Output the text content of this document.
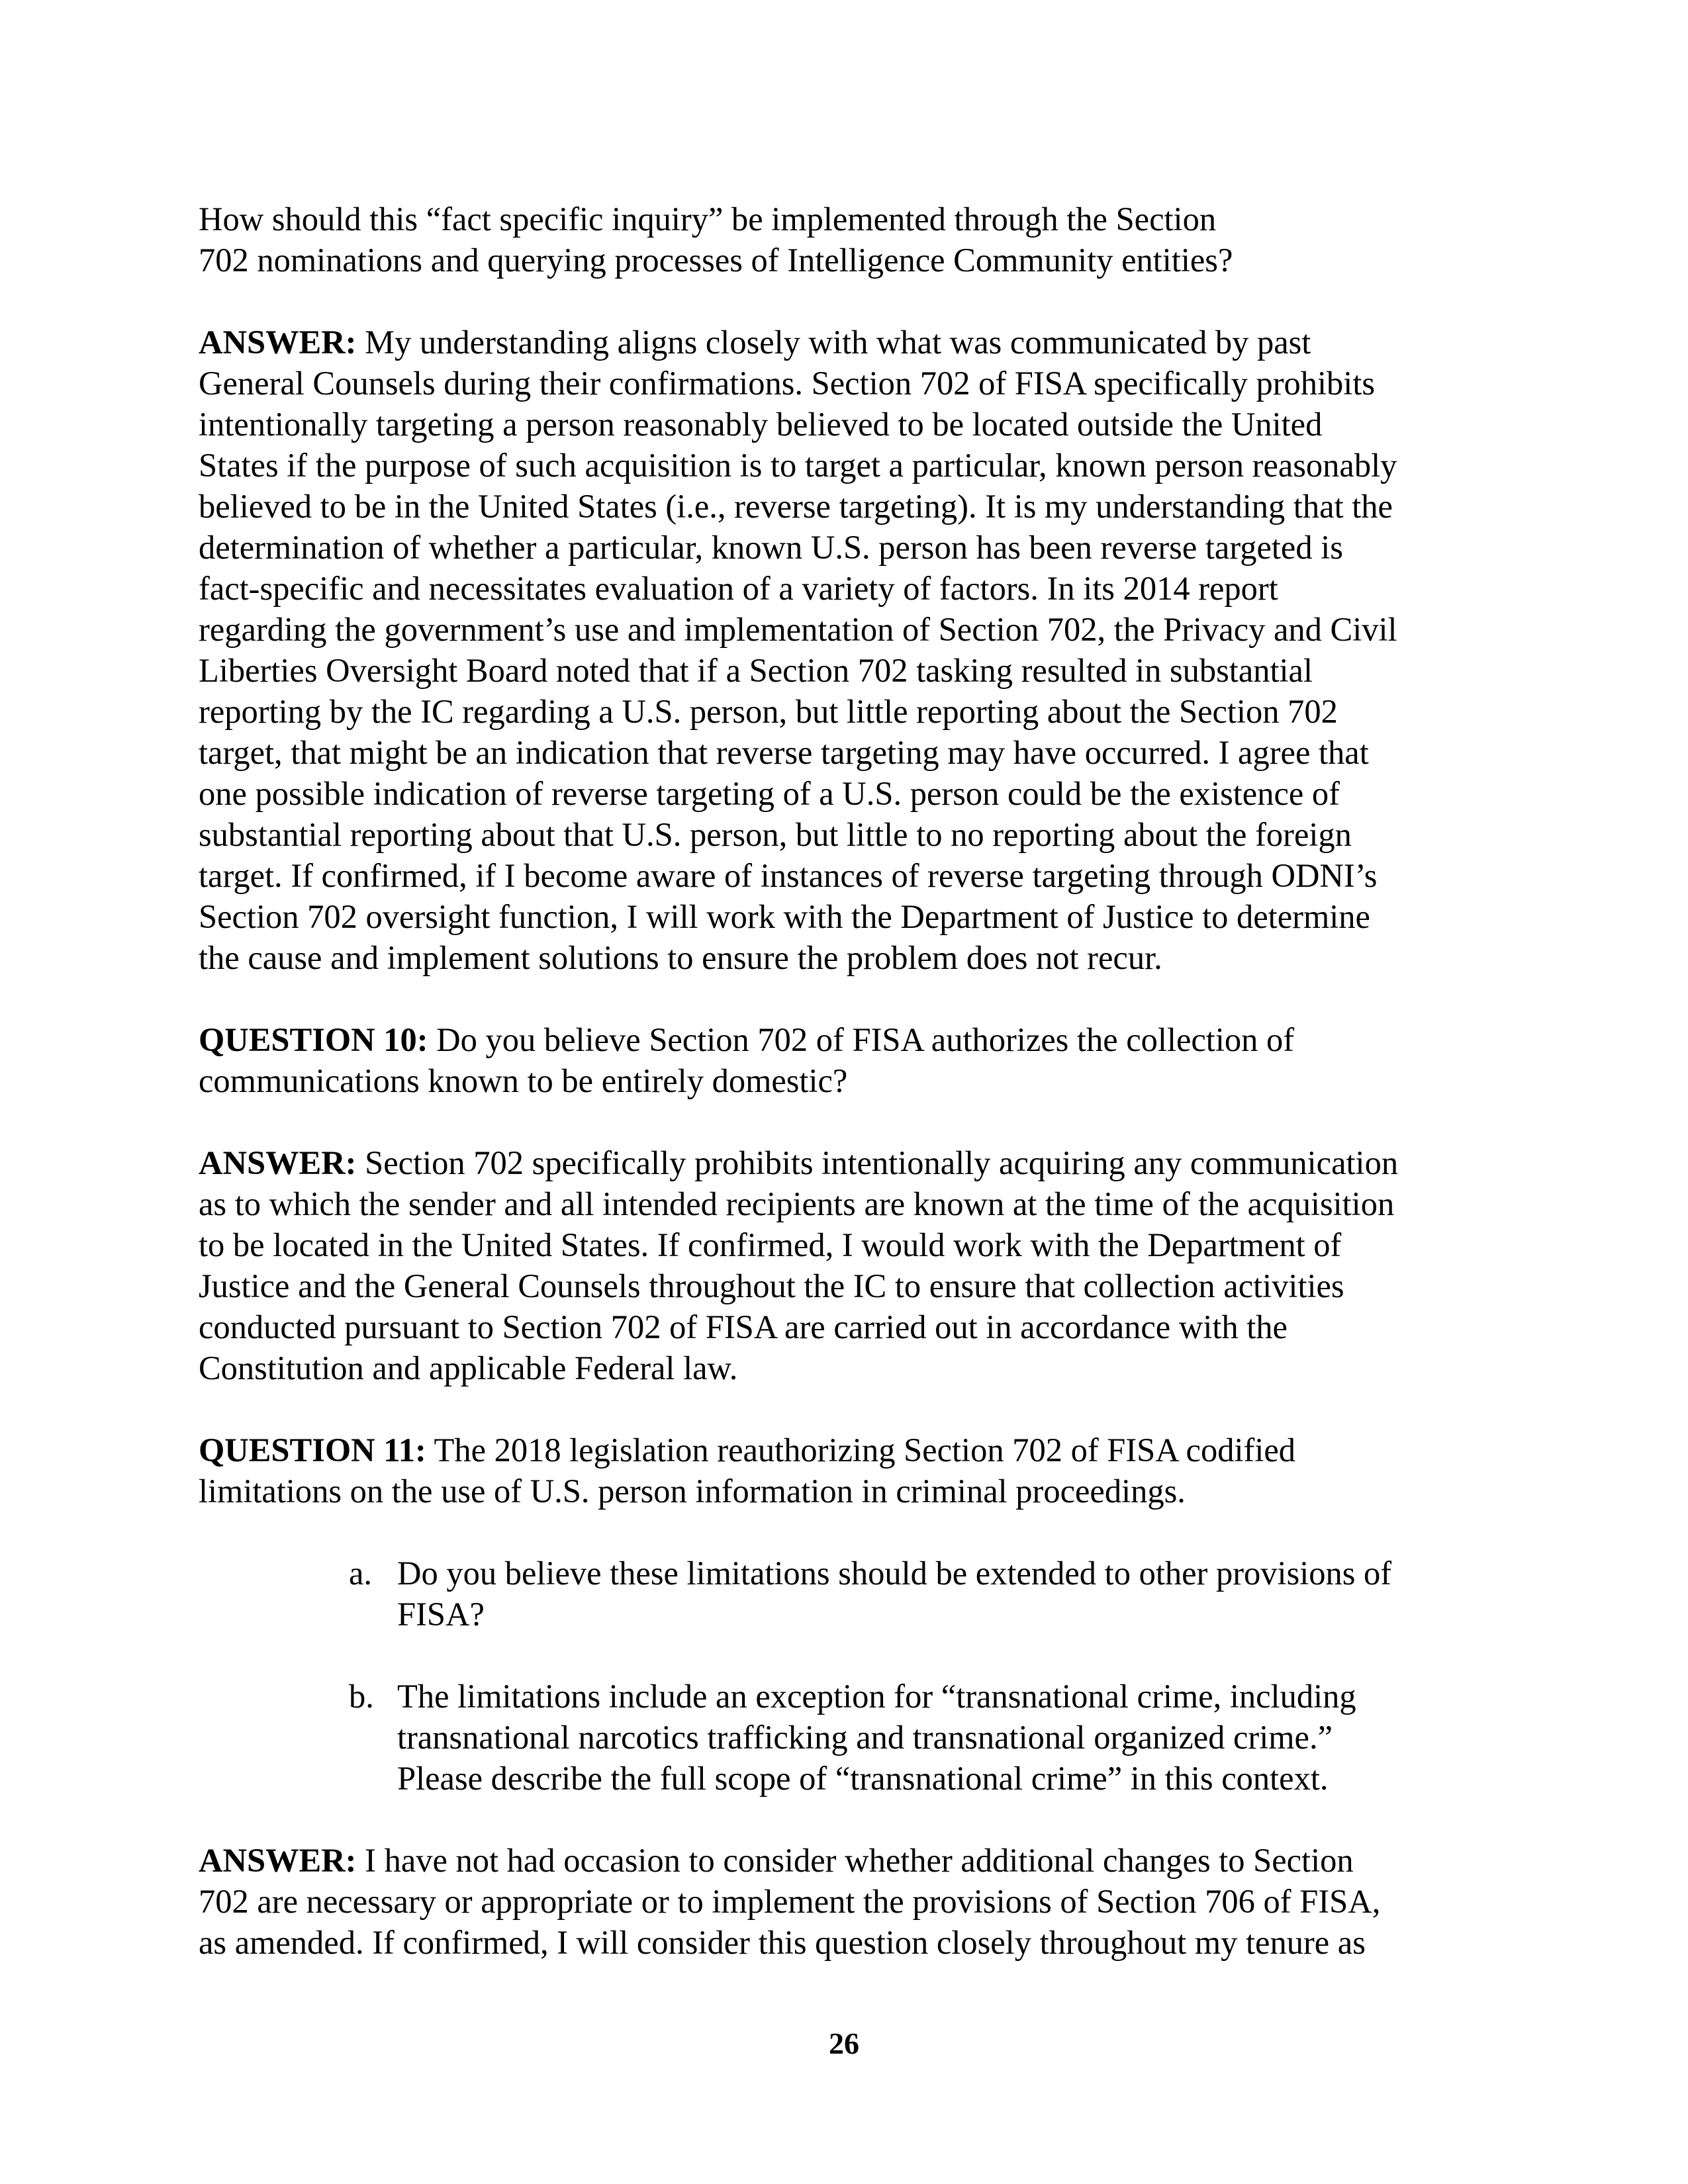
How should this “fact specific inquiry” be implemented through the Section
702 nominations and querying processes of Intelligence Community entities?

ANSWER: My understanding aligns closely with what was communicated by past
General Counsels during their confirmations. Section 702 of FISA specifically prohibits
intentionally targeting a person reasonably believed to be located outside the United
States if the purpose of such acquisition is to target a particular, known person reasonably
believed to be in the United States (i.e., reverse targeting). It is my understanding that the
determination of whether a particular, known U.S. person has been reverse targeted is
fact-specific and necessitates evaluation of a variety of factors. In its 2014 report
regarding the government’s use and implementation of Section 702, the Privacy and Civil
Liberties Oversight Board noted that if a Section 702 tasking resulted in substantial
reporting by the IC regarding a U.S. person, but little reporting about the Section 702
target, that might be an indication that reverse targeting may have occurred. I agree that
one possible indication of reverse targeting of a U.S. person could be the existence of
substantial reporting about that U.S. person, but little to no reporting about the foreign
target. If confirmed, if I become aware of instances of reverse targeting through ODNI’s
Section 702 oversight function, I will work with the Department of Justice to determine
the cause and implement solutions to ensure the problem does not recur.

QUESTION 10: Do you believe Section 702 of FISA authorizes the collection of
communications known to be entirely domestic?

ANSWER: Section 702 specifically prohibits intentionally acquiring any communication
as to which the sender and all intended recipients are known at the time of the acquisition
to be located in the United States. If confirmed, I would work with the Department of
Justice and the General Counsels throughout the IC to ensure that collection activities
conducted pursuant to Section 702 of FISA are carried out in accordance with the
Constitution and applicable Federal law.

QUESTION 11: The 2018 legislation reauthorizing Section 702 of FISA codified
limitations on the use of U.S. person information in criminal proceedings.

a. Do you believe these limitations should be extended to other provisions of
FISA?
b. The limitations include an exception for “transnational crime, including
transnational narcotics trafficking and transnational organized crime.”
Please describe the full scope of “transnational crime” in this context.

ANSWER: I have not had occasion to consider whether additional changes to Section
702 are necessary or appropriate or to implement the provisions of Section 706 of FISA,
as amended. If confirmed, I will consider this question closely throughout my tenure as

26
